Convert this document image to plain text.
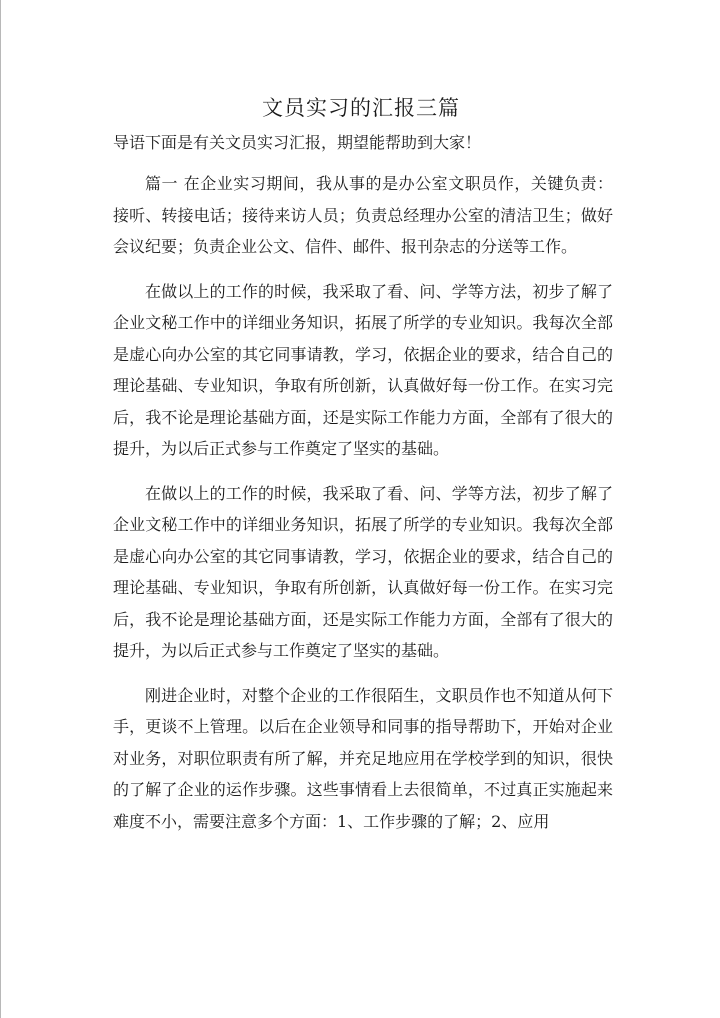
文员实习的汇报三篇
导语下面是有关文员实习汇报，期望能帮助到大家！

篇一 在企业实习期间，我从事的是办公室文职员作，关键负责：接听、转接电话；接待来访人员；负责总经理办公室的清洁卫生；做好会议纪要；负责企业公文、信件、邮件、报刊杂志的分送等工作。

在做以上的工作的时候，我采取了看、问、学等方法，初步了解了企业文秘工作中的详细业务知识，拓展了所学的专业知识。我每次全部是虚心向办公室的其它同事请教，学习，依据企业的要求，结合自己的理论基础、专业知识，争取有所创新，认真做好每一份工作。在实习完后，我不论是理论基础方面，还是实际工作能力方面，全部有了很大的提升，为以后正式参与工作奠定了坚实的基础。

在做以上的工作的时候，我采取了看、问、学等方法，初步了解了企业文秘工作中的详细业务知识，拓展了所学的专业知识。我每次全部是虚心向办公室的其它同事请教，学习，依据企业的要求，结合自己的理论基础、专业知识，争取有所创新，认真做好每一份工作。在实习完后，我不论是理论基础方面，还是实际工作能力方面，全部有了很大的提升，为以后正式参与工作奠定了坚实的基础。

刚进企业时，对整个企业的工作很陌生，文职员作也不知道从何下手，更谈不上管理。以后在企业领导和同事的指导帮助下，开始对企业对业务，对职位职责有所了解，并充足地应用在学校学到的知识，很快的了解了企业的运作步骤。这些事情看上去很简单，不过真正实施起来难度不小，需要注意多个方面：1、工作步骤的了解；2、应用
